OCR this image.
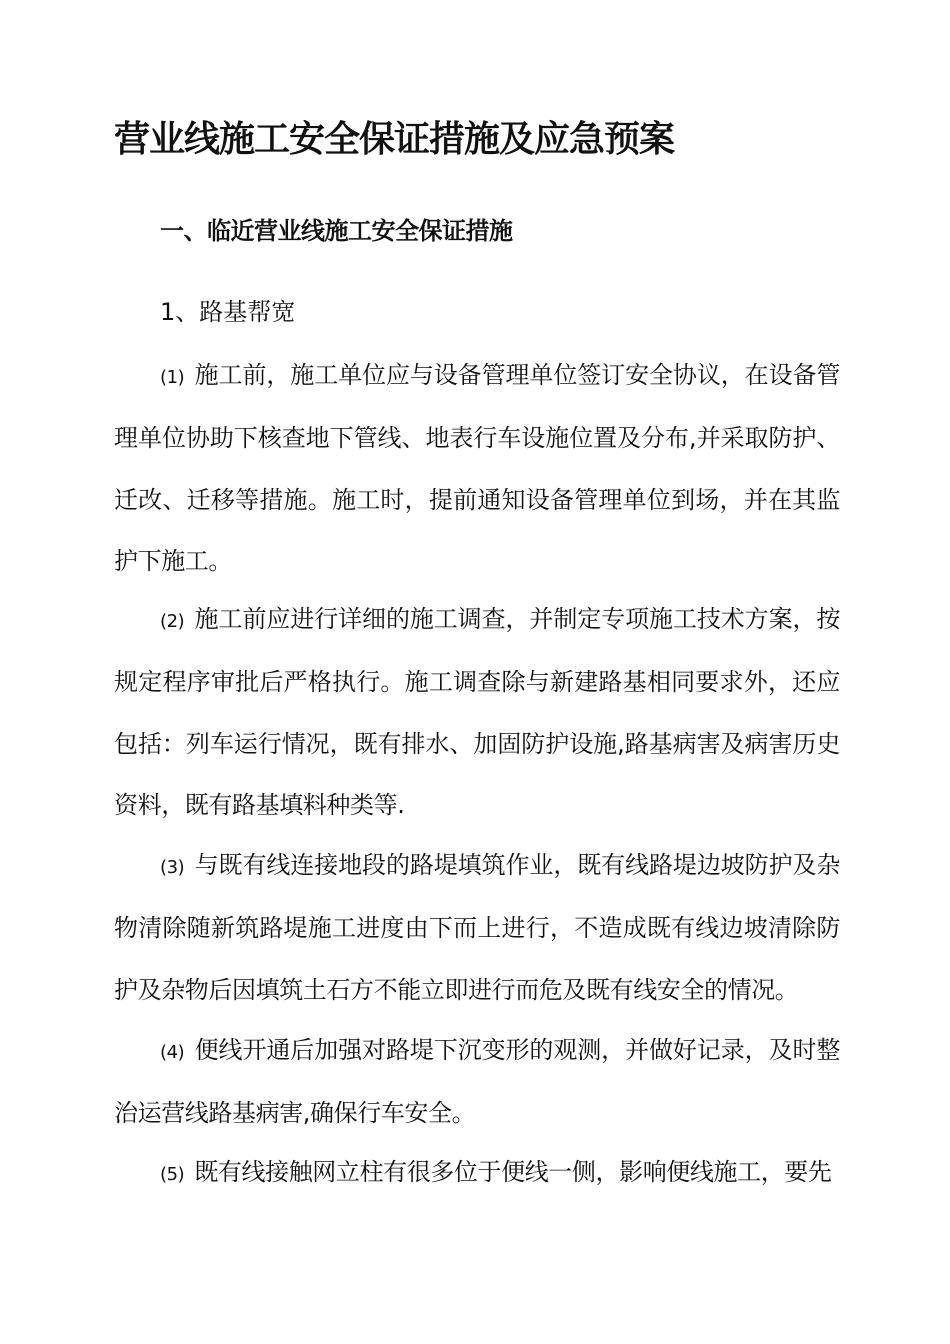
营业线施工安全保证措施及应急预案
一、临近营业线施工安全保证措施
1、路基帮宽
(1) 施工前，施工单位应与设备管理单位签订安全协议，在设备管理单位协助下核查地下管线、地表行车设施位置及分布,并采取防护、迁改、迁移等措施。施工时，提前通知设备管理单位到场，并在其监护下施工。
(2) 施工前应进行详细的施工调查，并制定专项施工技术方案，按规定程序审批后严格执行。施工调查除与新建路基相同要求外，还应包括：列车运行情况，既有排水、加固防护设施,路基病害及病害历史资料，既有路基填料种类等.
(3) 与既有线连接地段的路堤填筑作业，既有线路堤边坡防护及杂物清除随新筑路堤施工进度由下而上进行，不造成既有线边坡清除防护及杂物后因填筑土石方不能立即进行而危及既有线安全的情况。
(4) 便线开通后加强对路堤下沉变形的观测，并做好记录，及时整治运营线路基病害,确保行车安全。
(5) 既有线接触网立柱有很多位于便线一侧，影响便线施工，要先
